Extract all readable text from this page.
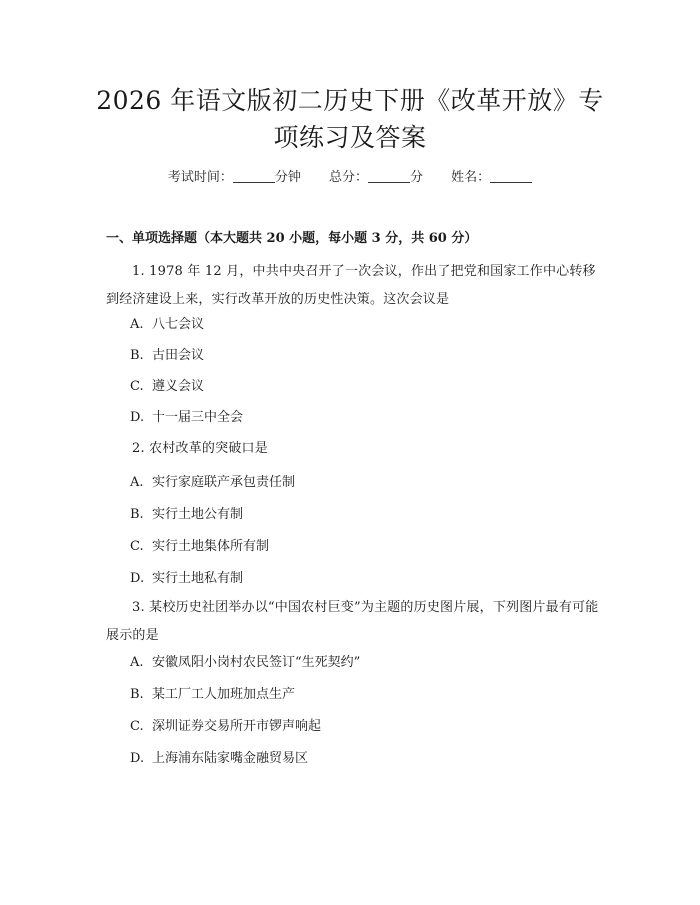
2026 年语文版初二历史下册《改革开放》专
项练习及答案
考试时间：	分钟 总分：	分 姓名：
一、单项选择题（本大题共 20 小题，每小题 3 分，共 60 分）
1. 1978 年 12 月，中共中央召开了一次会议，作出了把党和国家工作中心转移到经济建设上来，实行改革开放的历史性决策。这次会议是
A. 八七会议
B. 古田会议
C. 遵义会议
D. 十一届三中全会
2. 农村改革的突破口是
A. 实行家庭联产承包责任制
B. 实行土地公有制
C. 实行土地集体所有制
D. 实行土地私有制
3. 某校历史社团举办以“中国农村巨变”为主题的历史图片展，下列图片最有可能展示的是
A. 安徽凤阳小岗村农民签订“生死契约”
B. 某工厂工人加班加点生产
C. 深圳证券交易所开市锣声响起
D. 上海浦东陆家嘴金融贸易区
